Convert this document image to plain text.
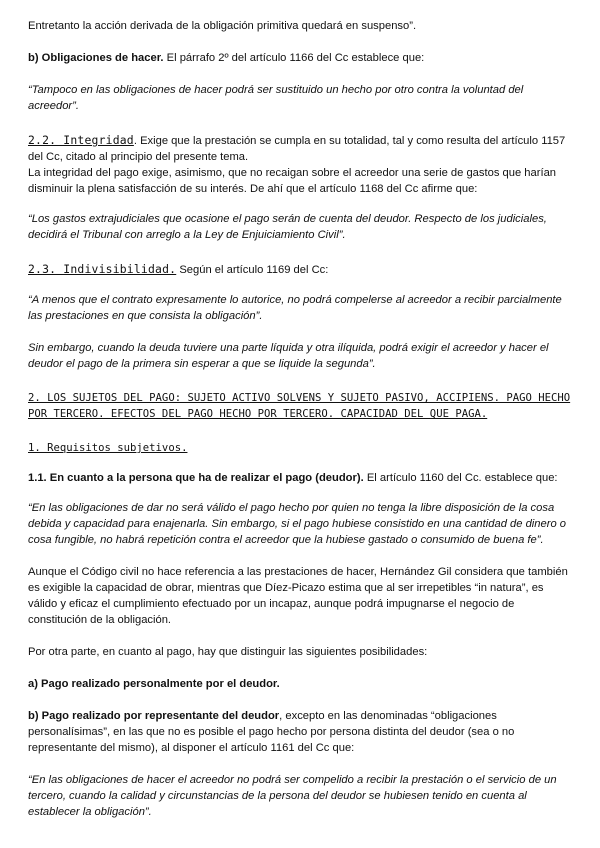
Entretanto la acción derivada de la obligación primitiva quedará en suspenso”.

b) Obligaciones de hacer. El párrafo 2º del artículo 1166 del Cc establece que:

“Tampoco en las obligaciones de hacer podrá ser sustituido un hecho por otro contra la voluntad del acreedor”.

2.2. Integridad. Exige que la prestación se cumpla en su totalidad, tal y como resulta del artículo 1157 del Cc, citado al principio del presente tema.

La integridad del pago exige, asimismo, que no recaigan sobre el acreedor una serie de gastos que harían disminuir la plena satisfacción de su interés. De ahí que el artículo 1168 del Cc afirme que:

“Los gastos extrajudiciales que ocasione el pago serán de cuenta del deudor. Respecto de los judiciales, decidirá el Tribunal con arreglo a la Ley de Enjuiciamiento Civil”.

2.3. Indivisibilidad. Según el artículo 1169 del Cc:

“A menos que el contrato expresamente lo autorice, no podrá compelerse al acreedor a recibir parcialmente las prestaciones en que consista la obligación”.

Sin embargo, cuando la deuda tuviere una parte líquida y otra ilíquida, podrá exigir el acreedor y hacer el deudor el pago de la primera sin esperar a que se liquide la segunda”.

2. LOS SUJETOS DEL PAGO: SUJETO ACTIVO SOLVENS Y SUJETO PASIVO, ACCIPIENS. PAGO HECHO POR TERCERO. EFECTOS DEL PAGO HECHO POR TERCERO. CAPACIDAD DEL QUE PAGA.

1. Requisitos subjetivos.

1.1. En cuanto a la persona que ha de realizar el pago (deudor). El artículo 1160 del Cc. establece que:

“En las obligaciones de dar no será válido el pago hecho por quien no tenga la libre disposición de la cosa debida y capacidad para enajenarla. Sin embargo, si el pago hubiese consistido en una cantidad de dinero o cosa fungible, no habrá repetición contra el acreedor que la hubiese gastado o consumido de buena fe”.

Aunque el Código civil no hace referencia a las prestaciones de hacer, Hernández Gil considera que también es exigible la capacidad de obrar, mientras que Díez-Picazo estima que al ser irrepetibles “in natura”, es válido y eficaz el cumplimiento efectuado por un incapaz, aunque podrá impugnarse el negocio de constitución de la obligación.

Por otra parte, en cuanto al pago, hay que distinguir las siguientes posibilidades:

a) Pago realizado personalmente por el deudor.

b) Pago realizado por representante del deudor, excepto en las denominadas “obligaciones personalísimas”, en las que no es posible el pago hecho por persona distinta del deudor (sea o no representante del mismo), al disponer el artículo 1161 del Cc que:

“En las obligaciones de hacer el acreedor no podrá ser compelido a recibir la prestación o el servicio de un tercero, cuando la calidad y circunstancias de la persona del deudor se hubiesen tenido en cuenta al establecer la obligación”.
